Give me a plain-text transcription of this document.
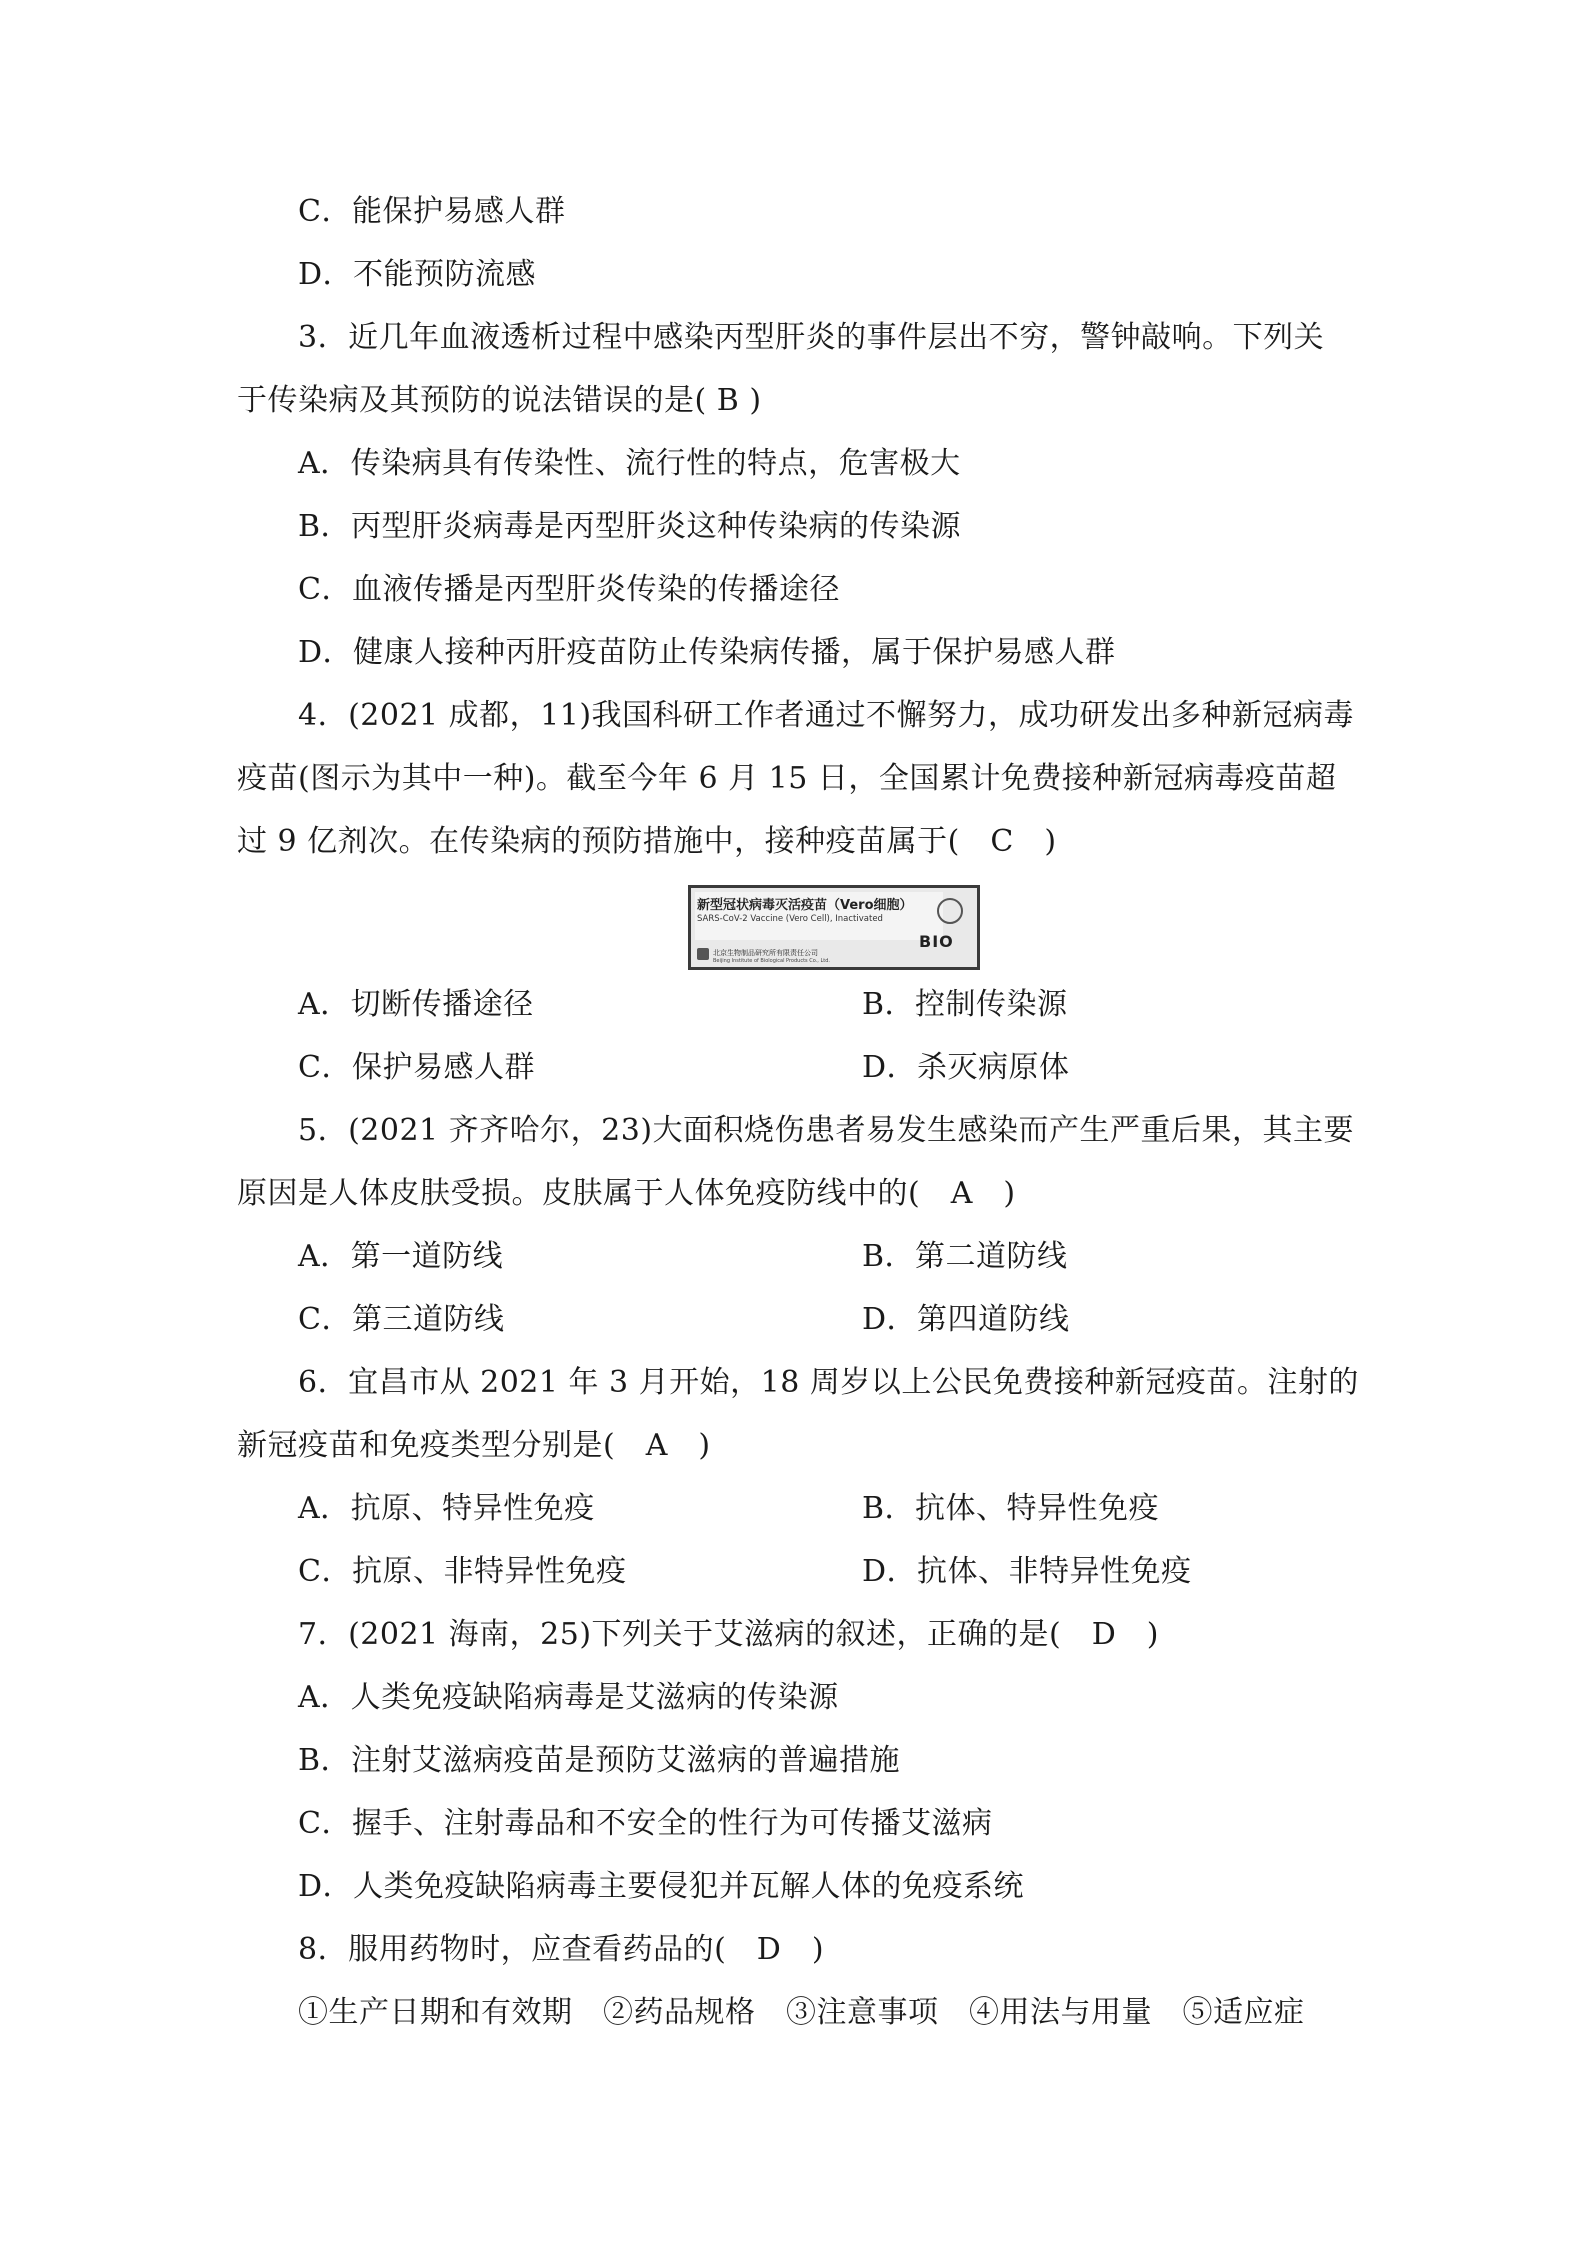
C．能保护易感人群
D．不能预防流感
3．近几年血液透析过程中感染丙型肝炎的事件层出不穷，警钟敲响。下列关
于传染病及其预防的说法错误的是( B )
A．传染病具有传染性、流行性的特点，危害极大
B．丙型肝炎病毒是丙型肝炎这种传染病的传染源
C．血液传播是丙型肝炎传染的传播途径
D．健康人接种丙肝疫苗防止传染病传播，属于保护易感人群
4．(2021 成都，11)我国科研工作者通过不懈努力，成功研发出多种新冠病毒
疫苗(图示为其中一种)。截至今年 6 月 15 日，全国累计免费接种新冠病毒疫苗超
过 9 亿剂次。在传染病的预防措施中，接种疫苗属于(　C　)
新型冠状病毒灭活疫苗（Vero细胞）
SARS-CoV-2 Vaccine (Vero Cell), Inactivated
北京生物制品研究所有限责任公司
Beijing Institute of Biological Products Co., Ltd.
BIO
A．切断传播途径	B．控制传染源
C．保护易感人群	D．杀灭病原体
5．(2021 齐齐哈尔，23)大面积烧伤患者易发生感染而产生严重后果，其主要
原因是人体皮肤受损。皮肤属于人体免疫防线中的(　A　)
A．第一道防线	B．第二道防线
C．第三道防线	D．第四道防线
6．宜昌市从 2021 年 3 月开始，18 周岁以上公民免费接种新冠疫苗。注射的
新冠疫苗和免疫类型分别是(　A　)
A．抗原、特异性免疫	B．抗体、特异性免疫
C．抗原、非特异性免疫	D．抗体、非特异性免疫
7．(2021 海南，25)下列关于艾滋病的叙述，正确的是(　D　)
A．人类免疫缺陷病毒是艾滋病的传染源
B．注射艾滋病疫苗是预防艾滋病的普遍措施
C．握手、注射毒品和不安全的性行为可传播艾滋病
D．人类免疫缺陷病毒主要侵犯并瓦解人体的免疫系统
8．服用药物时，应查看药品的(　D　)
①生产日期和有效期　②药品规格　③注意事项　④用法与用量　⑤适应症
